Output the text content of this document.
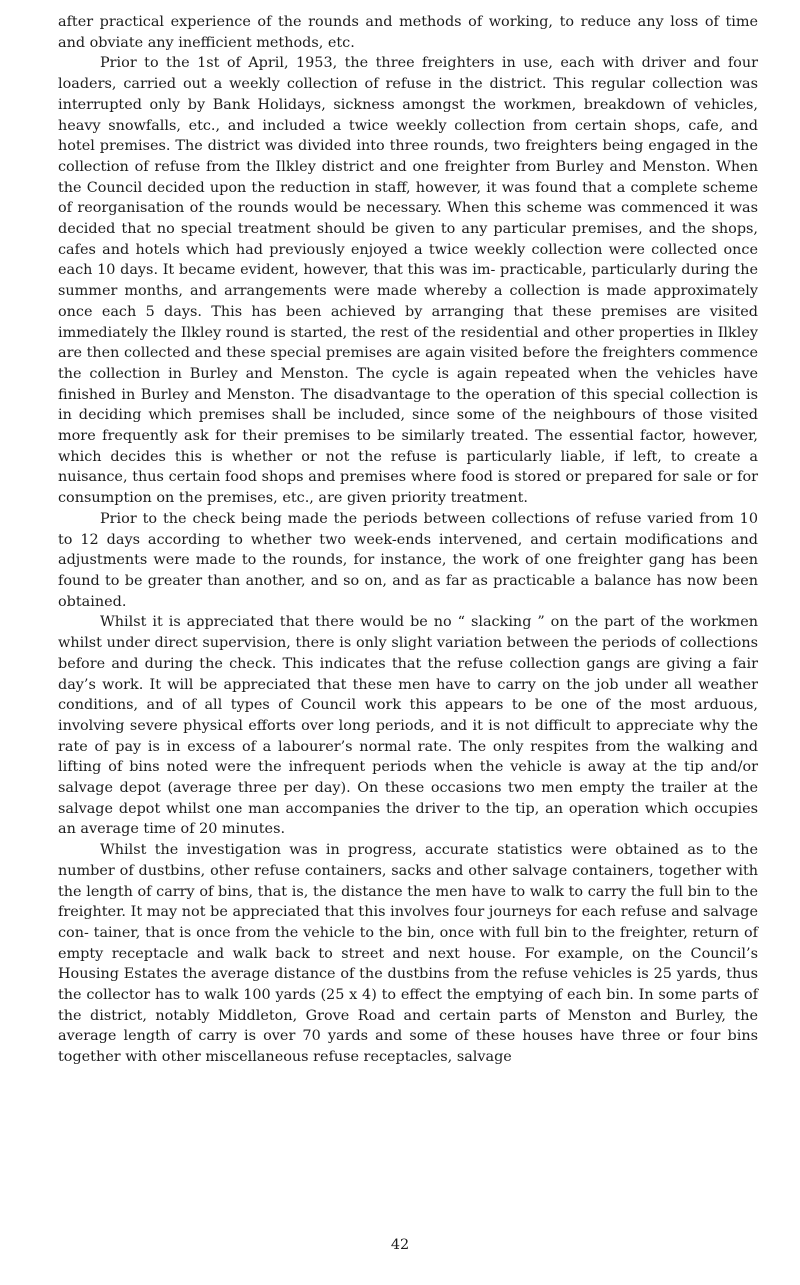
after practical experience of the rounds and methods of working, to reduce any loss of time and obviate any inefficient methods, etc.

Prior to the 1st of April, 1953, the three freighters in use, each with driver and four loaders, carried out a weekly collection of refuse in the district. This regular collection was interrupted only by Bank Holidays, sickness amongst the workmen, breakdown of vehicles, heavy snowfalls, etc., and included a twice weekly collection from certain shops, cafe, and hotel premises. The district was divided into three rounds, two freighters being engaged in the collection of refuse from the Ilkley district and one freighter from Burley and Menston. When the Council decided upon the reduction in staff, however, it was found that a complete scheme of reorganisation of the rounds would be necessary. When this scheme was commenced it was decided that no special treatment should be given to any particular premises, and the shops, cafes and hotels which had previously enjoyed a twice weekly collection were collected once each 10 days. It became evident, however, that this was im- practicable, particularly during the summer months, and arrangements were made whereby a collection is made approximately once each 5 days. This has been achieved by arranging that these premises are visited immediately the Ilkley round is started, the rest of the residential and other properties in Ilkley are then collected and these special premises are again visited before the freighters commence the collection in Burley and Menston. The cycle is again repeated when the vehicles have finished in Burley and Menston. The disadvantage to the operation of this special collection is in deciding which premises shall be included, since some of the neighbours of those visited more frequently ask for their premises to be similarly treated. The essential factor, however, which decides this is whether or not the refuse is particularly liable, if left, to create a nuisance, thus certain food shops and premises where food is stored or prepared for sale or for consumption on the premises, etc., are given priority treatment.

Prior to the check being made the periods between collections of refuse varied from 10 to 12 days according to whether two week-ends intervened, and certain modifications and adjustments were made to the rounds, for instance, the work of one freighter gang has been found to be greater than another, and so on, and as far as practicable a balance has now been obtained.

Whilst it is appreciated that there would be no “ slacking ” on the part of the workmen whilst under direct supervision, there is only slight variation between the periods of collections before and during the check. This indicates that the refuse collection gangs are giving a fair day’s work. It will be appreciated that these men have to carry on the job under all weather conditions, and of all types of Council work this appears to be one of the most arduous, involving severe physical efforts over long periods, and it is not difficult to appreciate why the rate of pay is in excess of a labourer’s normal rate. The only respites from the walking and lifting of bins noted were the infrequent periods when the vehicle is away at the tip and/or salvage depot (average three per day). On these occasions two men empty the trailer at the salvage depot whilst one man accompanies the driver to the tip, an operation which occupies an average time of 20 minutes.

Whilst the investigation was in progress, accurate statistics were obtained as to the number of dustbins, other refuse containers, sacks and other salvage containers, together with the length of carry of bins, that is, the distance the men have to walk to carry the full bin to the freighter. It may not be appreciated that this involves four journeys for each refuse and salvage con- tainer, that is once from the vehicle to the bin, once with full bin to the freighter, return of empty receptacle and walk back to street and next house. For example, on the Council’s Housing Estates the average distance of the dustbins from the refuse vehicles is 25 yards, thus the collector has to walk 100 yards (25 x 4) to effect the emptying of each bin. In some parts of the district, notably Middleton, Grove Road and certain parts of Menston and Burley, the average length of carry is over 70 yards and some of these houses have three or four bins together with other miscellaneous refuse receptacles, salvage

42
